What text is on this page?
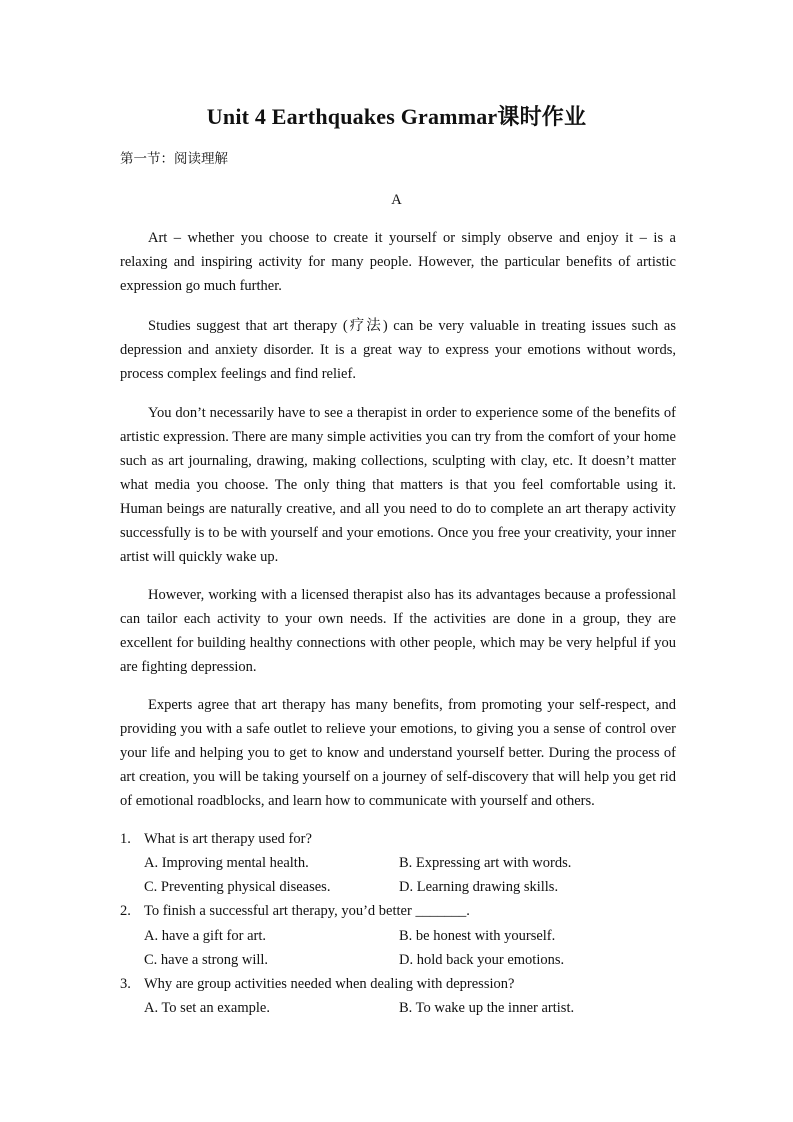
Unit 4 Earthquakes Grammar课时作业
第一节：阅读理解
A

Art – whether you choose to create it yourself or simply observe and enjoy it – is a relaxing and inspiring activity for many people. However, the particular benefits of artistic expression go much further.

Studies suggest that art therapy (疗法) can be very valuable in treating issues such as depression and anxiety disorder. It is a great way to express your emotions without words, process complex feelings and find relief.

You don’t necessarily have to see a therapist in order to experience some of the benefits of artistic expression. There are many simple activities you can try from the comfort of your home such as art journaling, drawing, making collections, sculpting with clay, etc. It doesn’t matter what media you choose. The only thing that matters is that you feel comfortable using it. Human beings are naturally creative, and all you need to do to complete an art therapy activity successfully is to be with yourself and your emotions. Once you free your creativity, your inner artist will quickly wake up.

However, working with a licensed therapist also has its advantages because a professional can tailor each activity to your own needs. If the activities are done in a group, they are excellent for building healthy connections with other people, which may be very helpful if you are fighting depression.

Experts agree that art therapy has many benefits, from promoting your self-respect, and providing you with a safe outlet to relieve your emotions, to giving you a sense of control over your life and helping you to get to know and understand yourself better. During the process of art creation, you will be taking yourself on a journey of self-discovery that will help you get rid of emotional roadblocks, and learn how to communicate with yourself and others.

1. What is art therapy used for?
A. Improving mental health.	B. Expressing art with words.
C. Preventing physical diseases.	D. Learning drawing skills.
2. To finish a successful art therapy, you’d better _______.
A. have a gift for art.	B. be honest with yourself.
C. have a strong will.	D. hold back your emotions.
3. Why are group activities needed when dealing with depression?
A. To set an example.	B. To wake up the inner artist.
